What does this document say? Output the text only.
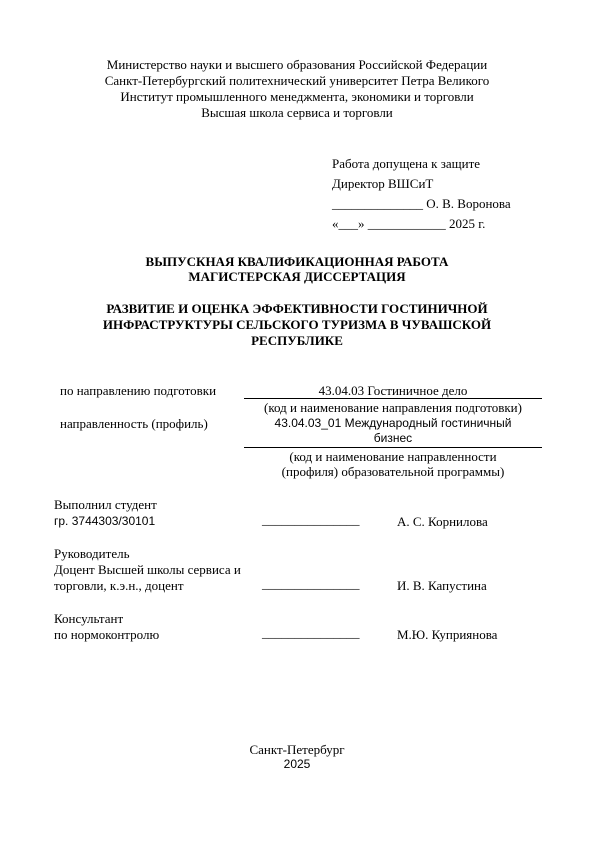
Министерство науки и высшего образования Российской Федерации
Санкт-Петербургский политехнический университет Петра Великого
Институт промышленного менеджмента, экономики и торговли
Высшая школа сервиса и торговли
Работа допущена к защите
Директор ВШСиТ
______________ О. В. Воронова
«___» ____________ 2025 г.
ВЫПУСКНАЯ КВАЛИФИКАЦИОННАЯ РАБОТА
МАГИСТЕРСКАЯ ДИССЕРТАЦИЯ
РАЗВИТИЕ И ОЦЕНКА ЭФФЕКТИВНОСТИ ГОСТИНИЧНОЙ
ИНФРАСТРУКТУРЫ СЕЛЬСКОГО ТУРИЗМА В ЧУВАШСКОЙ
РЕСПУБЛИКЕ
по направлению подготовки	43.04.03 Гостиничное дело
(код и наименование направления подготовки)
направленность (профиль)	43.04.03_01 Международный гостиничный
бизнес
(код и наименование направленности
(профиля) образовательной программы)
Выполнил студент
гр. 3744303/30101	_______________	А. С. Корнилова
Руководитель
Доцент Высшей школы сервиса и
торговли, к.э.н., доцент	_______________	И. В. Капустина
Консультант
по нормоконтролю	_______________	М.Ю. Куприянова
Санкт-Петербург
2025
